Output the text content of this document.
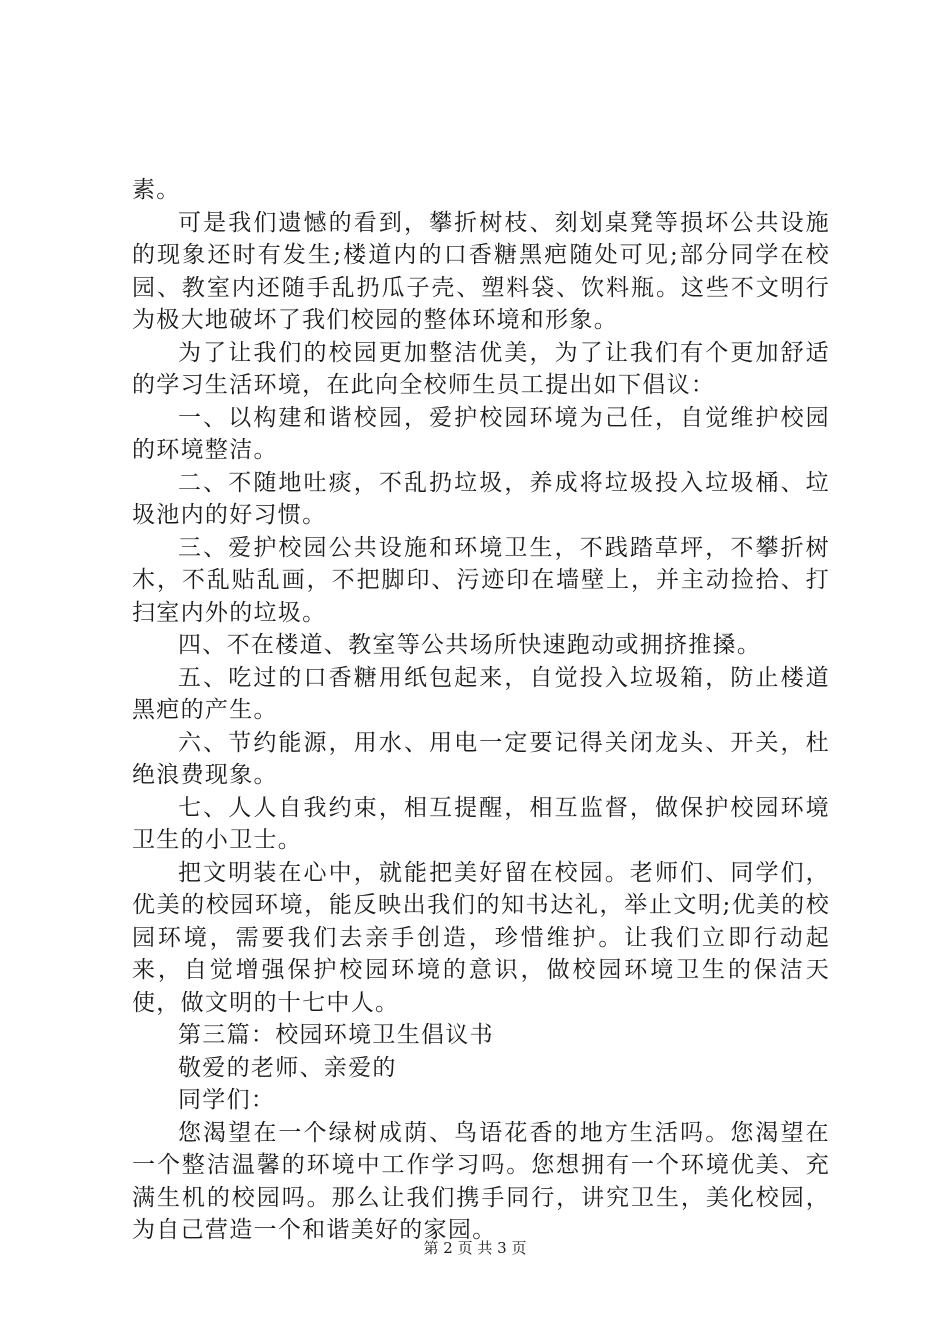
素。

可是我们遗憾的看到，攀折树枝、刻划桌凳等损坏公共设施的现象还时有发生;楼道内的口香糖黑疤随处可见;部分同学在校园、教室内还随手乱扔瓜子壳、塑料袋、饮料瓶。这些不文明行为极大地破坏了我们校园的整体环境和形象。

为了让我们的校园更加整洁优美，为了让我们有个更加舒适的学习生活环境，在此向全校师生员工提出如下倡议：

一、以构建和谐校园，爱护校园环境为己任，自觉维护校园的环境整洁。

二、不随地吐痰，不乱扔垃圾，养成将垃圾投入垃圾桶、垃圾池内的好习惯。

三、爱护校园公共设施和环境卫生，不践踏草坪，不攀折树木，不乱贴乱画，不把脚印、污迹印在墙壁上，并主动捡拾、打扫室内外的垃圾。

四、不在楼道、教室等公共场所快速跑动或拥挤推搡。

五、吃过的口香糖用纸包起来，自觉投入垃圾箱，防止楼道黑疤的产生。

六、节约能源，用水、用电一定要记得关闭龙头、开关，杜绝浪费现象。

七、人人自我约束，相互提醒，相互监督，做保护校园环境卫生的小卫士。

把文明装在心中，就能把美好留在校园。老师们、同学们，优美的校园环境，能反映出我们的知书达礼，举止文明;优美的校园环境，需要我们去亲手创造，珍惜维护。让我们立即行动起来，自觉增强保护校园环境的意识，做校园环境卫生的保洁天使，做文明的十七中人。

第三篇：校园环境卫生倡议书

敬爱的老师、亲爱的

同学们：

您渴望在一个绿树成荫、鸟语花香的地方生活吗。您渴望在一个整洁温馨的环境中工作学习吗。您想拥有一个环境优美、充满生机的校园吗。那么让我们携手同行，讲究卫生，美化校园，为自己营造一个和谐美好的家园。

第 2 页 共 3 页
